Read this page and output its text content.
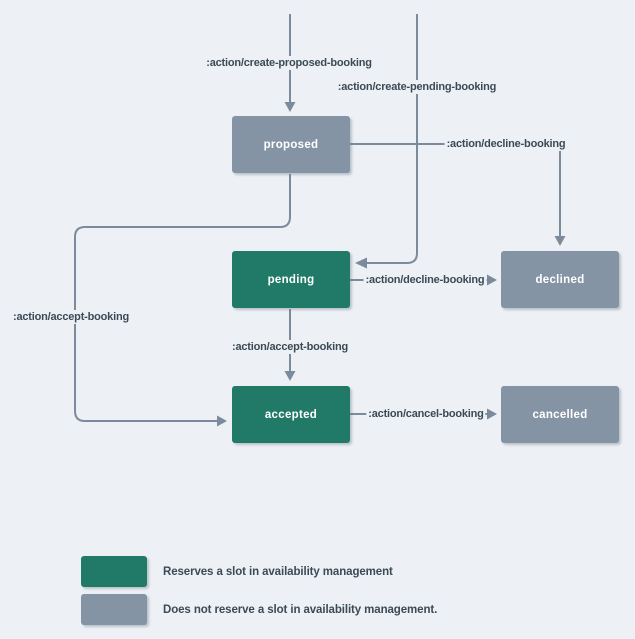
proposed
pending	declined
accepted	cancelled
:action/create-proposed-booking
:action/create-pending-booking
:action/decline-booking
:action/accept-booking
:action/accept-booking
:action/decline-booking
:action/cancel-booking
Reserves a slot in availability management
Does not reserve a slot in availability management.
